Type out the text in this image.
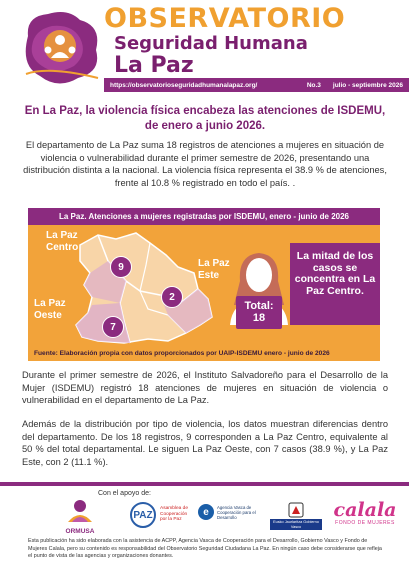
OBSERVATORIO
Seguridad Humana
La Paz
https://observatorioseguridadhumanalapaz.org/	No.3 julio - septiembre 2026
En La Paz, la violencia física encabeza las atenciones de ISDEMU, de enero a junio 2026.
El departamento de La Paz suma 18 registros de atenciones a mujeres en situación de violencia o vulnerabilidad durante el primer semestre de 2026, presentando una distribución distinta a la nacional. La violencia física representa el 38.9 % de atenciones, frente al 10.8 % registrado en todo el país. .
La Paz. Atenciones a mujeres registradas por ISDEMU, enero - junio de 2026
La Paz
Centro
9	La Paz
Este
2
La Paz
Oeste
7
Total:
18
La mitad de los casos se concentra en La Paz Centro.
Fuente: Elaboración propia con datos proporcionados por UAIP-ISDEMU enero - junio de 2026
Durante el primer semestre de 2026, el Instituto Salvadoreño para el Desarrollo de la Mujer (ISDEMU) registró 18 atenciones de mujeres en situación de violencia o vulnerabilidad en el departamento de La Paz.
Además de la distribución por tipo de violencia, los datos muestran diferencias dentro del departamento. De los 18 registros, 9 corresponden a La Paz Centro, equivalente al 50 % del total departamental. Le siguen La Paz Oeste, con 7 casos (38.9 %), y La Paz Este, con 2 (11.1 %).
Con el apoyo de:
ORMUSA
PAZ
Asamblea de Cooperación por la Paz
e	Agencia Vasca de Cooperación para el Desarrollo
Eusko Jaurlaritza Gobierno Vasco
calala
FONDO DE MUJERES
Esta publicación ha sido elaborada con la asistencia de ACPP, Agencia Vasca de Cooperación para el Desarrollo, Gobierno Vasco y Fondo de Mujeres Calala, pero su contenido es responsabilidad del Observatorio Seguridad Ciudadana La Paz. En ningún caso debe considerarse que refleja el punto de vista de las agencias y organizaciones donantes.
